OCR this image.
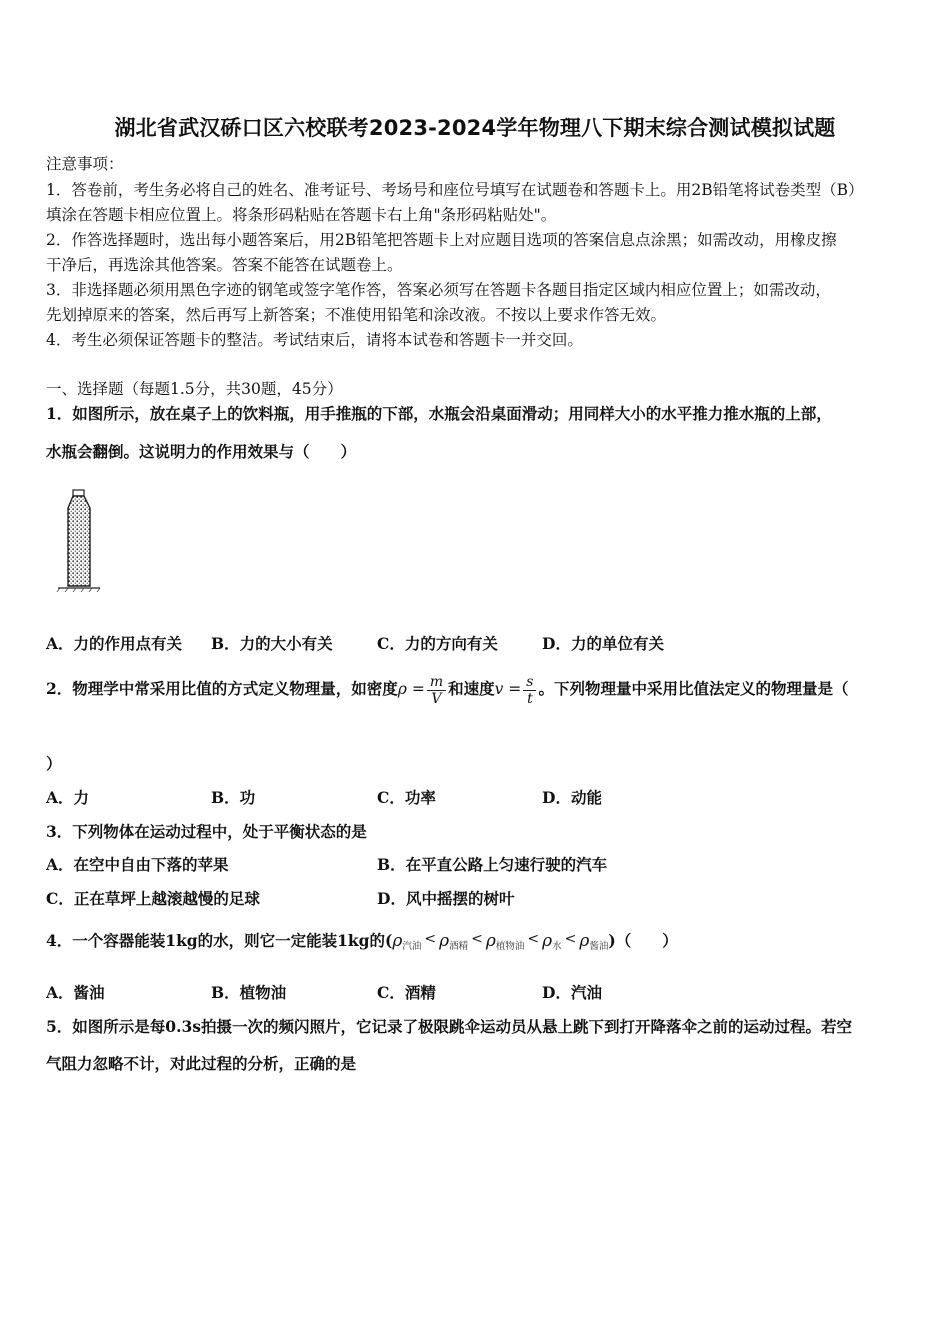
湖北省武汉硚口区六校联考2023-2024学年物理八下期末综合测试模拟试题
注意事项：
1．答卷前，考生务必将自己的姓名、准考证号、考场号和座位号填写在试题卷和答题卡上。用2B铅笔将试卷类型（B）
填涂在答题卡相应位置上。将条形码粘贴在答题卡右上角"条形码粘贴处"。
2．作答选择题时，选出每小题答案后，用2B铅笔把答题卡上对应题目选项的答案信息点涂黑；如需改动，用橡皮擦
干净后，再选涂其他答案。答案不能答在试题卷上。
3．非选择题必须用黑色字迹的钢笔或签字笔作答，答案必须写在答题卡各题目指定区域内相应位置上；如需改动，
先划掉原来的答案，然后再写上新答案；不准使用铅笔和涂改液。不按以上要求作答无效。
4．考生必须保证答题卡的整洁。考试结束后，请将本试卷和答题卡一并交回。
一、选择题（每题1.5分，共30题，45分）
1．如图所示，放在桌子上的饮料瓶，用手推瓶的下部，水瓶会沿桌面滑动；用同样大小的水平推力推水瓶的上部，
水瓶会翻倒。这说明力的作用效果与（　　）
A．力的作用点有关 B．力的大小有关	C．力的方向有关	D．力的单位有关
2．物理学中常采用比值的方式定义物理量，如密度$\rho = \frac{m}{V}$ 和速度$v = \frac{s}{t}$ 。下列物理量中采用比值法定义的物理量是（
）
A．力	B．功	C．功率	D．动能
3．下列物体在运动过程中，处于平衡状态的是
A．在空中自由下落的苹果	B．在平直公路上匀速行驶的汽车
C．正在草坪上越滚越慢的足球	D．风中摇摆的树叶
4．一个容器能装1kg的水，则它一定能装1kg的$(\rho_{汽油} < \rho_{酒精} < \rho_{植物油} < \rho_水 < \rho_{酱油})$（　　）
A．酱油	B．植物油	C．酒精	D．汽油
5．如图所示是每0.3s拍摄一次的频闪照片，它记录了极限跳伞运动员从悬上跳下到打开降落伞之前的运动过程。若空
气阻力忽略不计，对此过程的分析，正确的是
